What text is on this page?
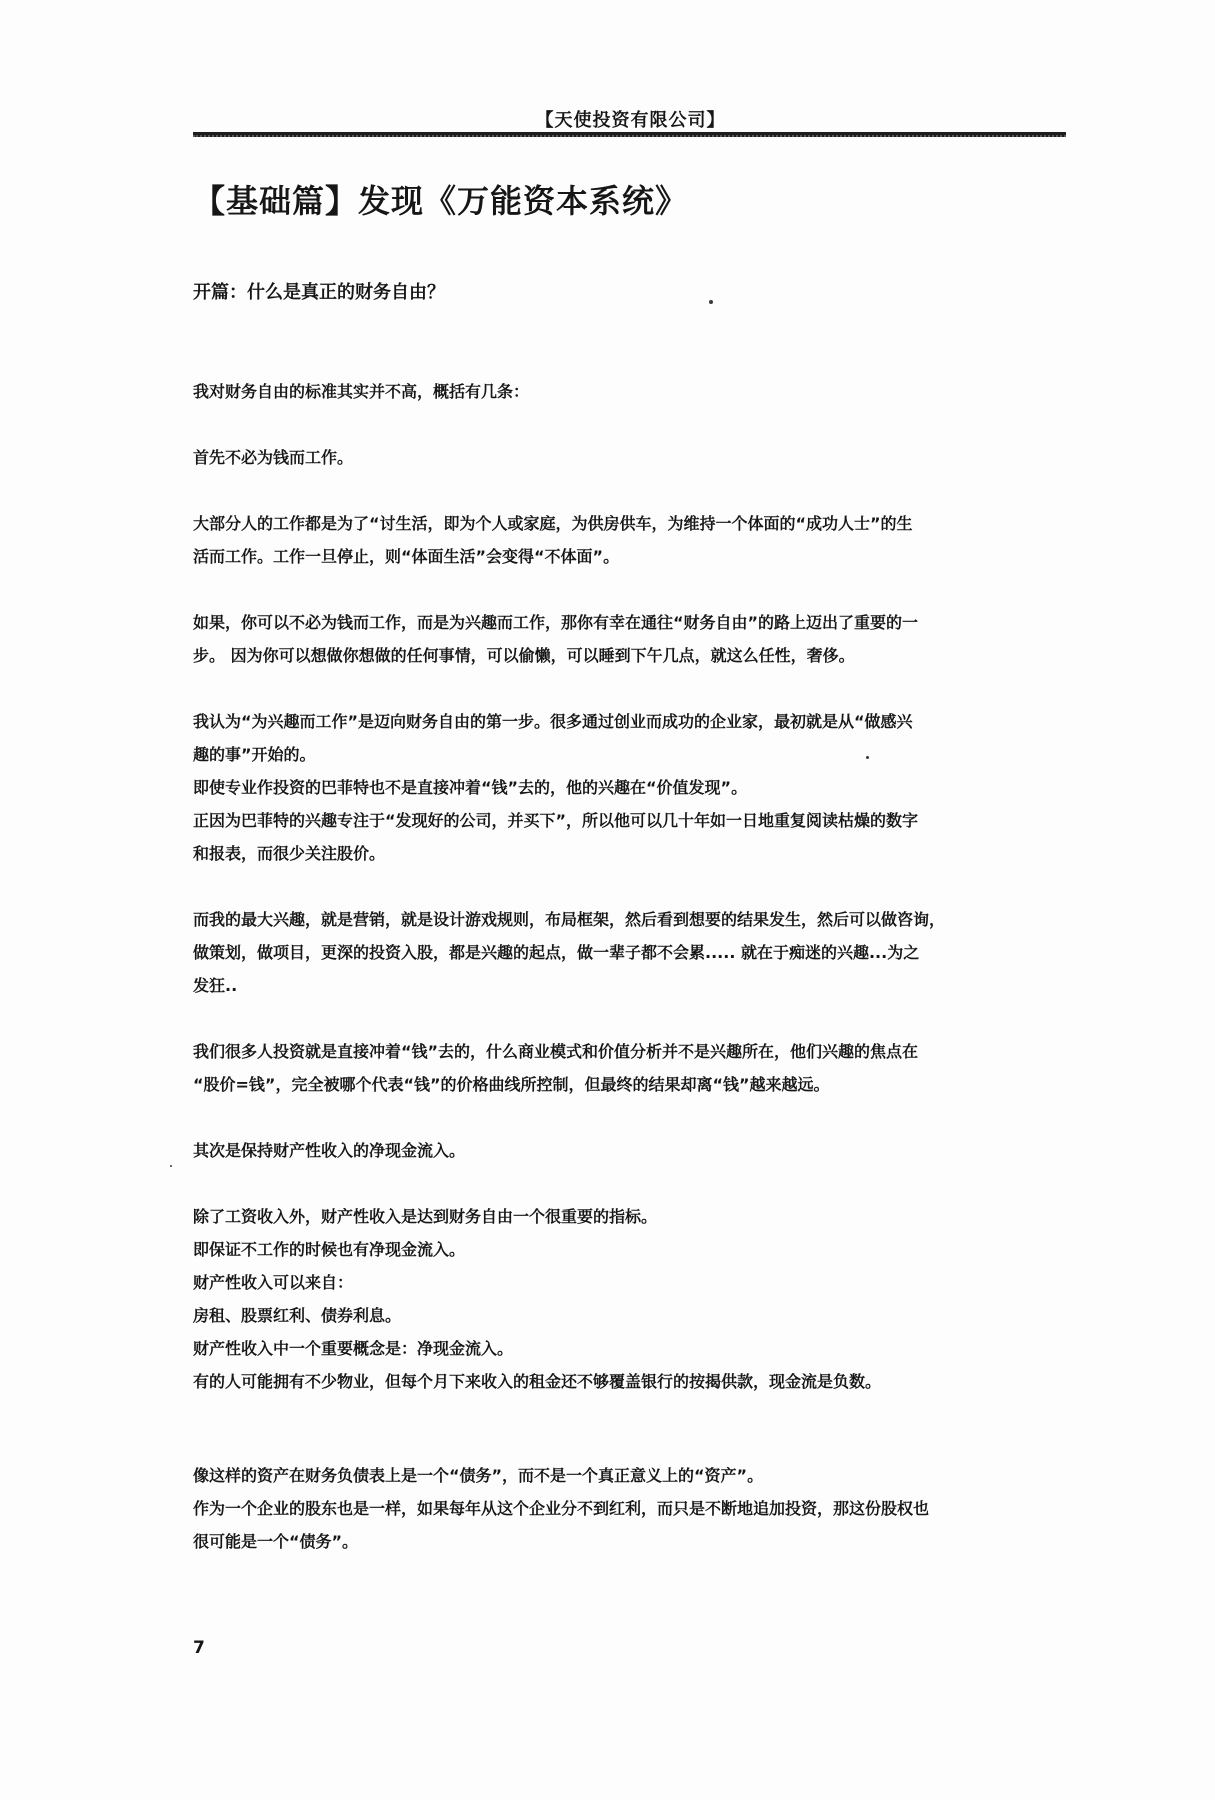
【天使投资有限公司】
【基础篇】发现《万能资本系统》
开篇：什么是真正的财务自由？

我对财务自由的标准其实并不高，概括有几条：

首先不必为钱而工作。

大部分人的工作都是为了“讨生活，即为个人或家庭，为供房供车，为维持一个体面的“成功人士”的生
活而工作。工作一旦停止，则“体面生活”会变得“不体面”。

如果，你可以不必为钱而工作，而是为兴趣而工作，那你有幸在通往“财务自由”的路上迈出了重要的一
步。 因为你可以想做你想做的任何事情，可以偷懒，可以睡到下午几点，就这么任性，奢侈。

我认为“为兴趣而工作”是迈向财务自由的第一步。很多通过创业而成功的企业家，最初就是从“做感兴
趣的事”开始的。
即使专业作投资的巴菲特也不是直接冲着“钱”去的，他的兴趣在“价值发现”。
正因为巴菲特的兴趣专注于“发现好的公司，并买下”，所以他可以几十年如一日地重复阅读枯燥的数字
和报表，而很少关注股价。

而我的最大兴趣，就是营销，就是设计游戏规则，布局框架，然后看到想要的结果发生，然后可以做咨询，
做策划，做项目，更深的投资入股，都是兴趣的起点，做一辈子都不会累..... 就在于痴迷的兴趣...为之
发狂..

我们很多人投资就是直接冲着“钱”去的，什么商业模式和价值分析并不是兴趣所在，他们兴趣的焦点在
“股价=钱”，完全被哪个代表“钱”的价格曲线所控制，但最终的结果却离“钱”越来越远。

其次是保持财产性收入的净现金流入。

除了工资收入外，财产性收入是达到财务自由一个很重要的指标。
即保证不工作的时候也有净现金流入。
财产性收入可以来自：
房租、股票红利、债券利息。
财产性收入中一个重要概念是：净现金流入。
有的人可能拥有不少物业，但每个月下来收入的租金还不够覆盖银行的按揭供款，现金流是负数。

像这样的资产在财务负债表上是一个“债务”，而不是一个真正意义上的“资产”。
作为一个企业的股东也是一样，如果每年从这个企业分不到红利，而只是不断地追加投资，那这份股权也
很可能是一个“债务”。

7
